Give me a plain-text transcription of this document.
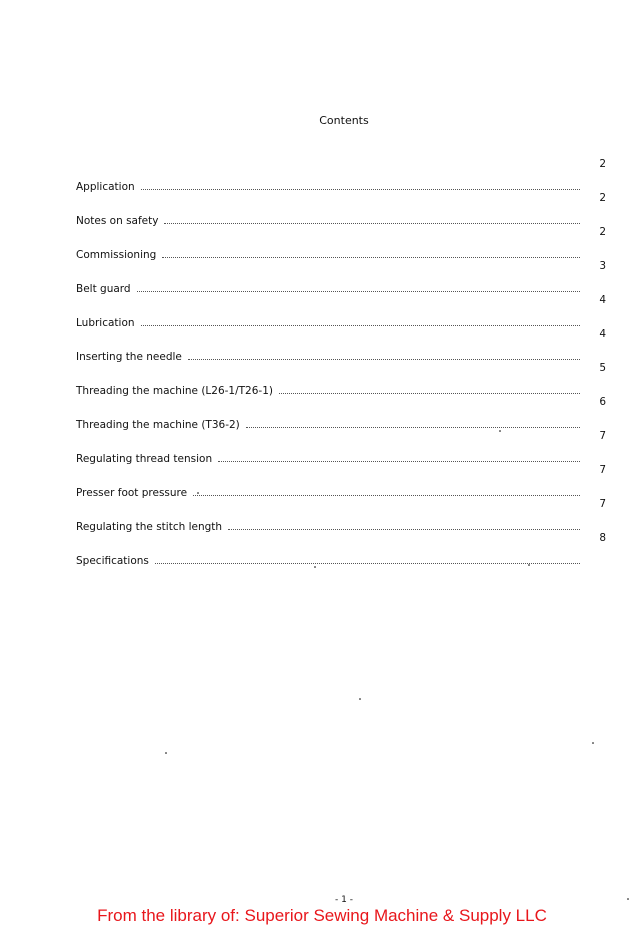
Contents
Application
2
Notes on safety
2
Commissioning
2
Belt guard
3
Lubrication
4
Inserting the needle
4
Threading the machine (L26-1/T26-1)
5
Threading the machine (T36-2)
6
Regulating thread tension
7
Presser foot pressure
7
Regulating the stitch length
7
Specifications
8
- 1 -
From the library of: Superior Sewing Machine & Supply LLC
